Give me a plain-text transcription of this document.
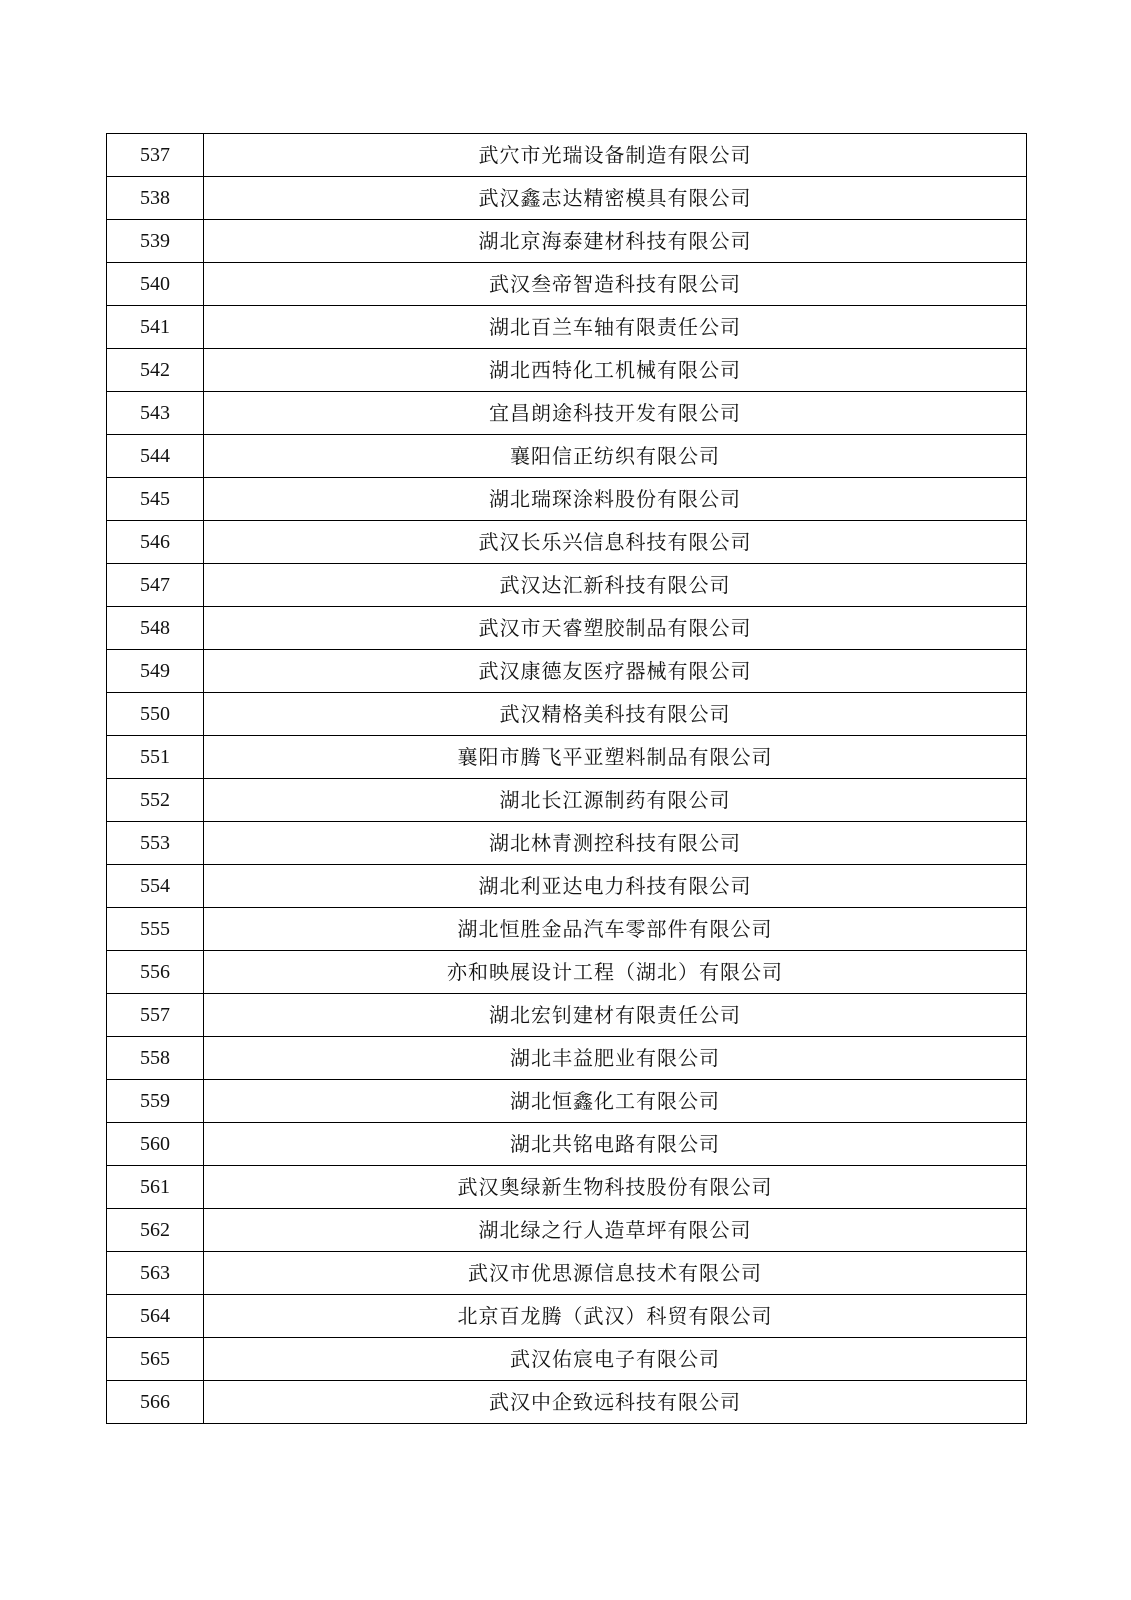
537	武穴市光瑞设备制造有限公司
538	武汉鑫志达精密模具有限公司
539	湖北京海泰建材科技有限公司
540	武汉叁帝智造科技有限公司
541	湖北百兰车轴有限责任公司
542	湖北西特化工机械有限公司
543	宜昌朗途科技开发有限公司
544	襄阳信正纺织有限公司
545	湖北瑞琛涂料股份有限公司
546	武汉长乐兴信息科技有限公司
547	武汉达汇新科技有限公司
548	武汉市天睿塑胶制品有限公司
549	武汉康德友医疗器械有限公司
550	武汉精格美科技有限公司
551	襄阳市腾飞平亚塑料制品有限公司
552	湖北长江源制药有限公司
553	湖北林青测控科技有限公司
554	湖北利亚达电力科技有限公司
555	湖北恒胜金品汽车零部件有限公司
556	亦和映展设计工程（湖北）有限公司
557	湖北宏钊建材有限责任公司
558	湖北丰益肥业有限公司
559	湖北恒鑫化工有限公司
560	湖北共铭电路有限公司
561	武汉奥绿新生物科技股份有限公司
562	湖北绿之行人造草坪有限公司
563	武汉市优思源信息技术有限公司
564	北京百龙腾（武汉）科贸有限公司
565	武汉佑宸电子有限公司
566	武汉中企致远科技有限公司
